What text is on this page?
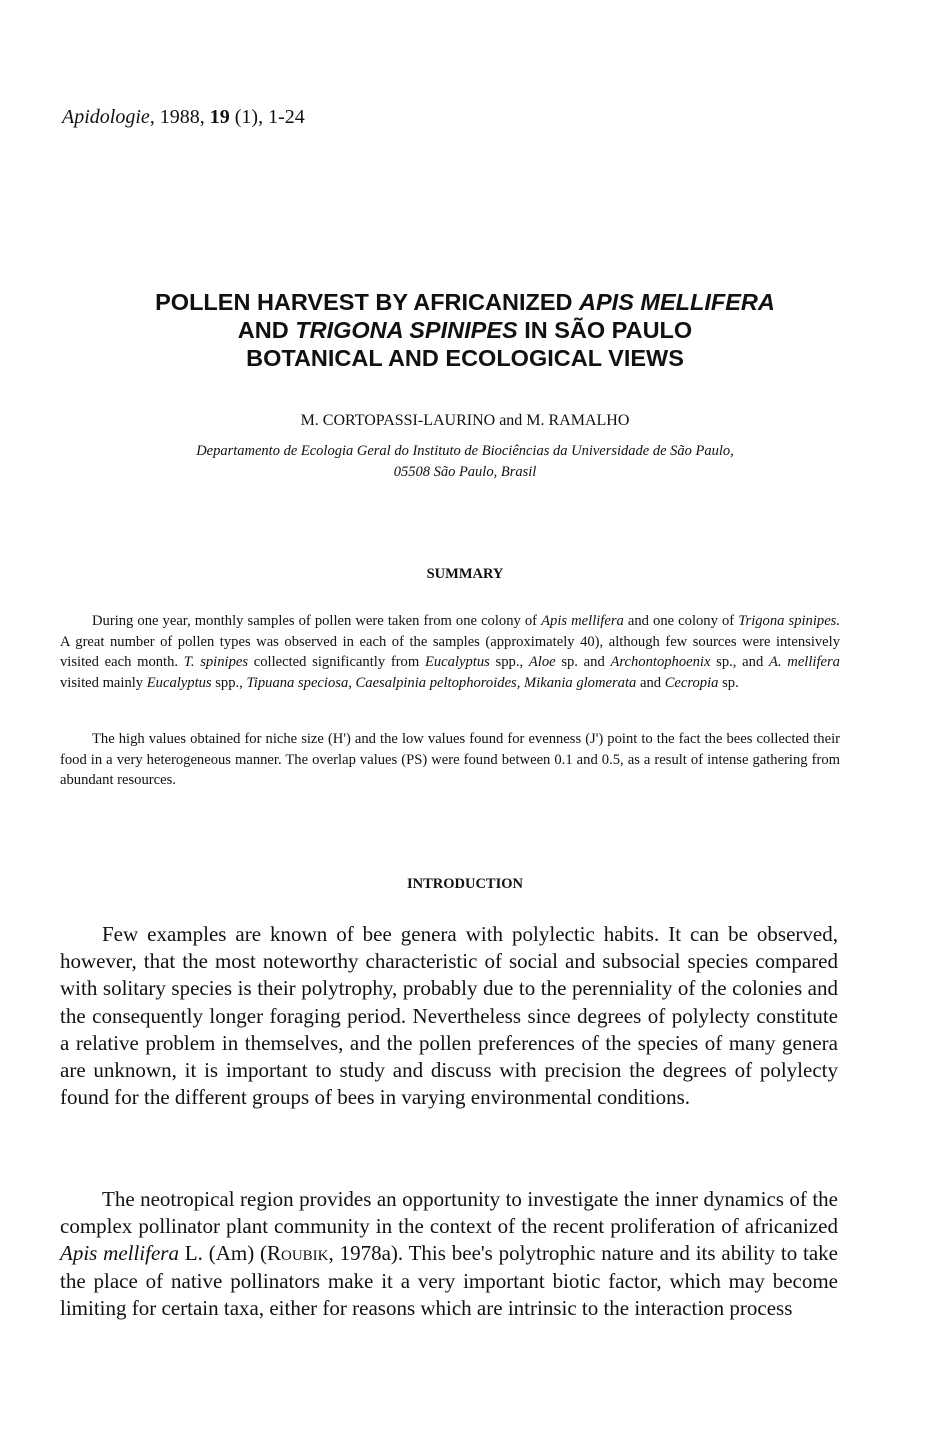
Apidologie, 1988, 19 (1), 1-24
POLLEN HARVEST BY AFRICANIZED APIS MELLIFERA
AND TRIGONA SPINIPES IN SÃO PAULO
BOTANICAL AND ECOLOGICAL VIEWS
M. CORTOPASSI-LAURINO and M. RAMALHO
Departamento de Ecologia Geral do Instituto de Biociências da Universidade de São Paulo,
05508 São Paulo, Brasil
SUMMARY

During one year, monthly samples of pollen were taken from one colony of Apis mellifera and one colony of Trigona spinipes. A great number of pollen types was observed in each of the samples (approximately 40), although few sources were intensively visited each month. T. spinipes collected significantly from Eucalyptus spp., Aloe sp. and Archontophoenix sp., and A. mellifera visited mainly Eucalyptus spp., Tipuana speciosa, Caesalpinia peltophoroides, Mikania glomerata and Cecropia sp.

The high values obtained for niche size (H') and the low values found for evenness (J') point to the fact the bees collected their food in a very heterogeneous manner. The overlap values (PS) were found between 0.1 and 0.5, as a result of intense gathering from abundant resources.

INTRODUCTION

Few examples are known of bee genera with polylectic habits. It can be observed, however, that the most noteworthy characteristic of social and subsocial species compared with solitary species is their polytrophy, probably due to the perenniality of the colonies and the consequently longer foraging period. Nevertheless since degrees of polylecty constitute a relative problem in themselves, and the pollen preferences of the species of many genera are unknown, it is important to study and discuss with precision the degrees of polylecty found for the different groups of bees in varying environmental conditions.

The neotropical region provides an opportunity to investigate the inner dynamics of the complex pollinator plant community in the context of the recent proliferation of africanized Apis mellifera L. (Am) (Roubik, 1978a). This bee's polytrophic nature and its ability to take the place of native pollinators make it a very important biotic factor, which may become limiting for certain taxa, either for reasons which are intrinsic to the interaction process
